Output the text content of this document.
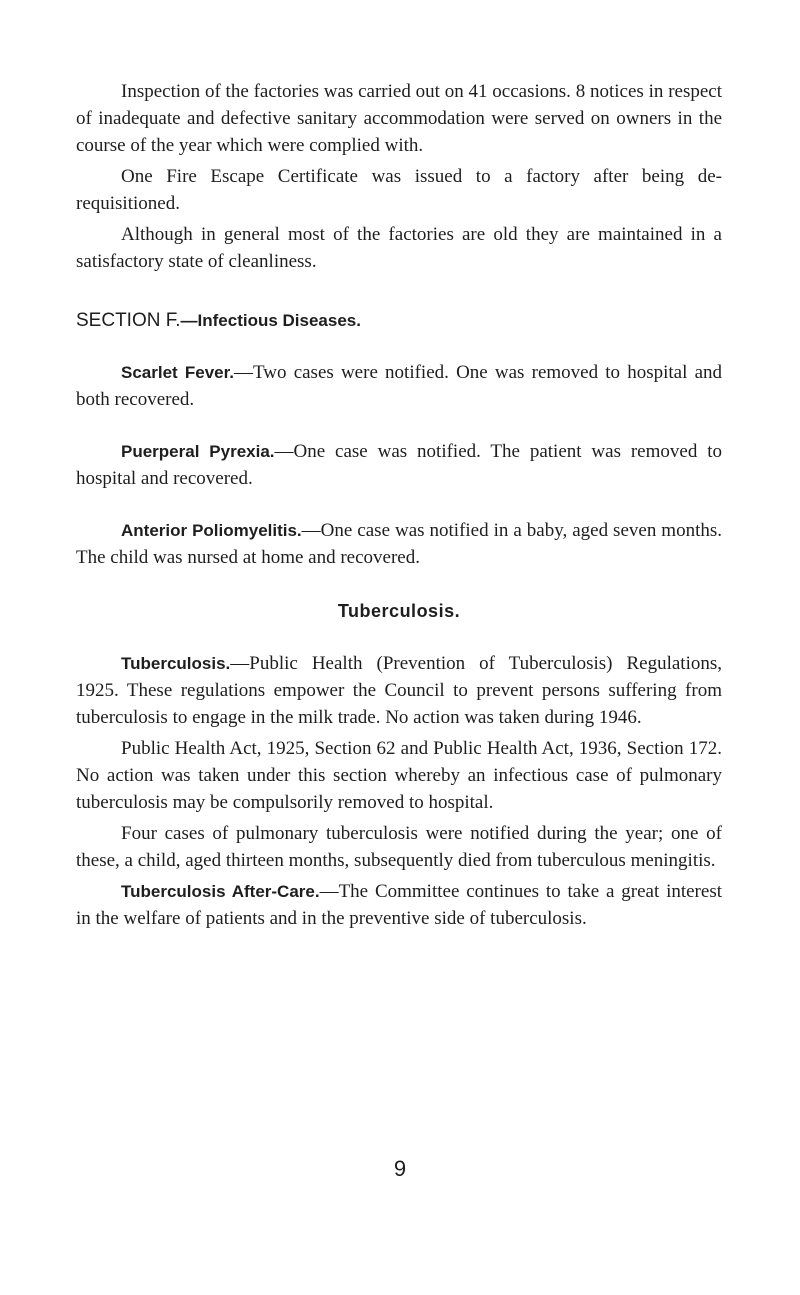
Inspection of the factories was carried out on 41 occasions. 8 notices in respect of inadequate and defective sanitary accommodation were served on owners in the course of the year which were complied with.

One Fire Escape Certificate was issued to a factory after being de-requisitioned.

Although in general most of the factories are old they are maintained in a satisfactory state of cleanliness.

SECTION F.—Infectious Diseases.

Scarlet Fever.—Two cases were notified. One was removed to hospital and both recovered.

Puerperal Pyrexia.—One case was notified. The patient was removed to hospital and recovered.

Anterior Poliomyelitis.—One case was notified in a baby, aged seven months. The child was nursed at home and recovered.

Tuberculosis.

Tuberculosis.—Public Health (Prevention of Tuberculosis) Regulations, 1925. These regulations empower the Council to prevent persons suffering from tuberculosis to engage in the milk trade. No action was taken during 1946.

Public Health Act, 1925, Section 62 and Public Health Act, 1936, Section 172. No action was taken under this section whereby an infectious case of pulmonary tuberculosis may be compulsorily removed to hospital.

Four cases of pulmonary tuberculosis were notified during the year; one of these, a child, aged thirteen months, subsequently died from tuberculous meningitis.

Tuberculosis After-Care.—The Committee continues to take a great interest in the welfare of patients and in the preventive side of tuberculosis.

9
